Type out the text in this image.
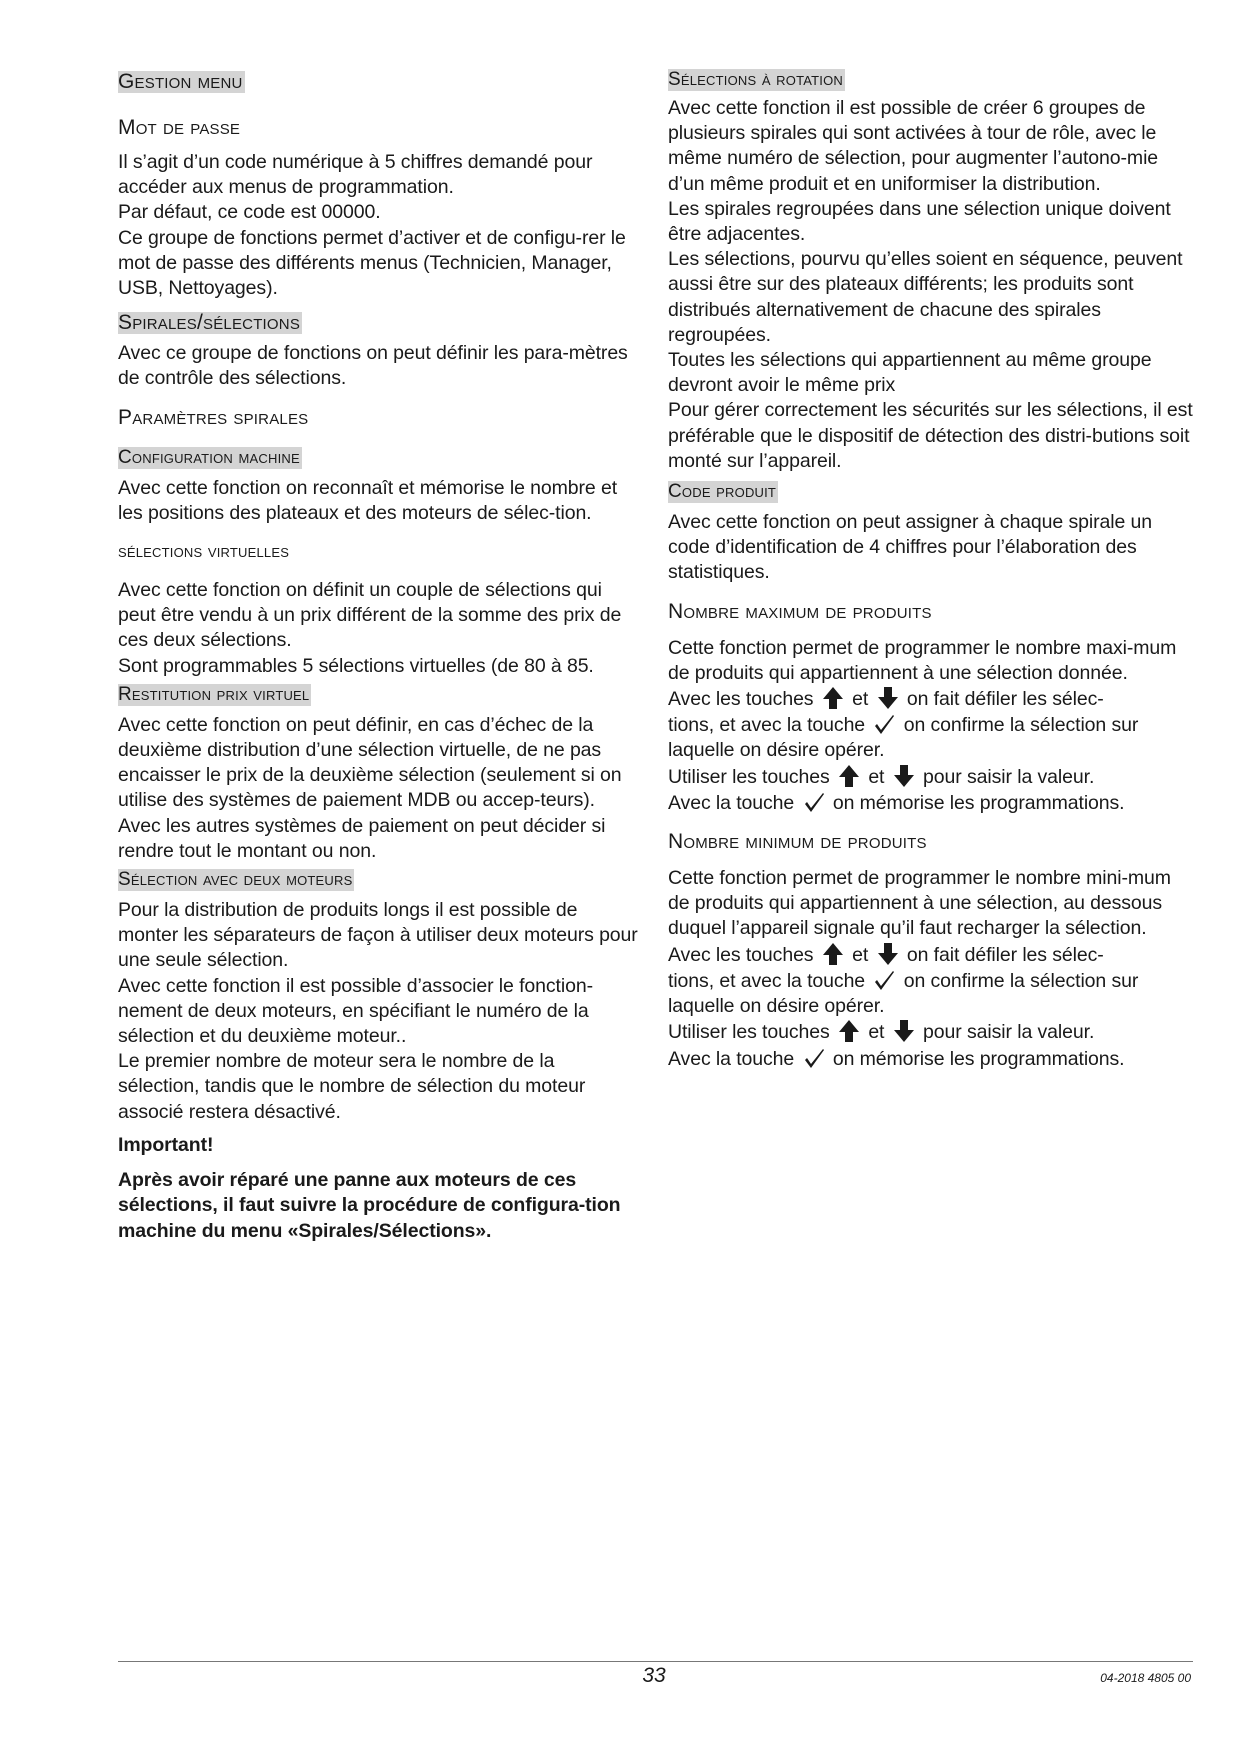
Gestion menu
Mot de passe

Il s’agit d’un code numérique à 5 chiffres demandé pour accéder aux menus de programmation.

Par défaut, ce code est 00000.

Ce groupe de fonctions permet d’activer et de configu-rer le mot de passe des différents menus (Technicien, Manager, USB, Nettoyages).

Spirales/sélections

Avec ce groupe de fonctions on peut définir les para-mètres de contrôle des sélections.

Paramètres spirales
Configuration machine

Avec cette fonction on reconnaît et mémorise le nombre et les positions des plateaux et des moteurs de sélec-tion.

sélections virtuelles

Avec cette fonction on définit un couple de sélections qui peut être vendu à un prix différent de la somme des prix de ces deux sélections.

Sont programmables 5 sélections virtuelles (de 80 à 85.

Restitution prix virtuel

Avec cette fonction on peut définir, en cas d’échec de la deuxième distribution d’une sélection virtuelle, de ne pas encaisser le prix de la deuxième sélection (seulement si on utilise des systèmes de paiement MDB ou accep-teurs).

Avec les autres systèmes de paiement on peut décider si rendre tout le montant ou non.

Sélection avec deux moteurs

Pour la distribution de produits longs il est possible de monter les séparateurs de façon à utiliser deux moteurs pour une seule sélection.

Avec cette fonction il est possible d’associer le fonction-nement de deux moteurs, en spécifiant le numéro de la sélection et du deuxième moteur..

Le premier nombre de moteur sera le nombre de la sélection, tandis que le nombre de sélection du moteur associé restera désactivé.

Important!

Après avoir réparé une panne aux moteurs de ces sélections, il faut suivre la procédure de configura-tion machine du menu «Spirales/Sélections».

Sélections à rotation

Avec cette fonction il est possible de créer 6 groupes de plusieurs spirales qui sont activées à tour de rôle, avec le même numéro de sélection, pour augmenter l’autono-mie d’un même produit et en uniformiser la distribution.

Les spirales regroupées dans une sélection unique doivent être adjacentes.

Les sélections, pourvu qu’elles soient en séquence, peuvent aussi être sur des plateaux différents; les produits sont distribués alternativement de chacune des spirales regroupées.

Toutes les sélections qui appartiennent au même groupe devront avoir le même prix

Pour gérer correctement les sécurités sur les sélections, il est préférable que le dispositif de détection des distri-butions soit monté sur l’appareil.

Code produit

Avec cette fonction on peut assigner à chaque spirale un code d’identification de 4 chiffres pour l’élaboration des statistiques.

Nombre maximum de produits

Cette fonction permet de programmer le nombre maxi-mum de produits qui appartiennent à une sélection donnée.

Avec les touches et on fait défiler les sélec-

tions, et avec la touche on confirme la sélection sur

laquelle on désire opérer.

Utiliser les touches et pour saisir la valeur.

Avec la touche on mémorise les programmations.

Nombre minimum de produits

Cette fonction permet de programmer le nombre mini-mum de produits qui appartiennent à une sélection, au dessous duquel l’appareil signale qu’il faut recharger la sélection.

Avec les touches et on fait défiler les sélec-

tions, et avec la touche on confirme la sélection sur

laquelle on désire opérer.

Utiliser les touches et pour saisir la valeur.

Avec la touche on mémorise les programmations.

33	04-2018 4805 00
